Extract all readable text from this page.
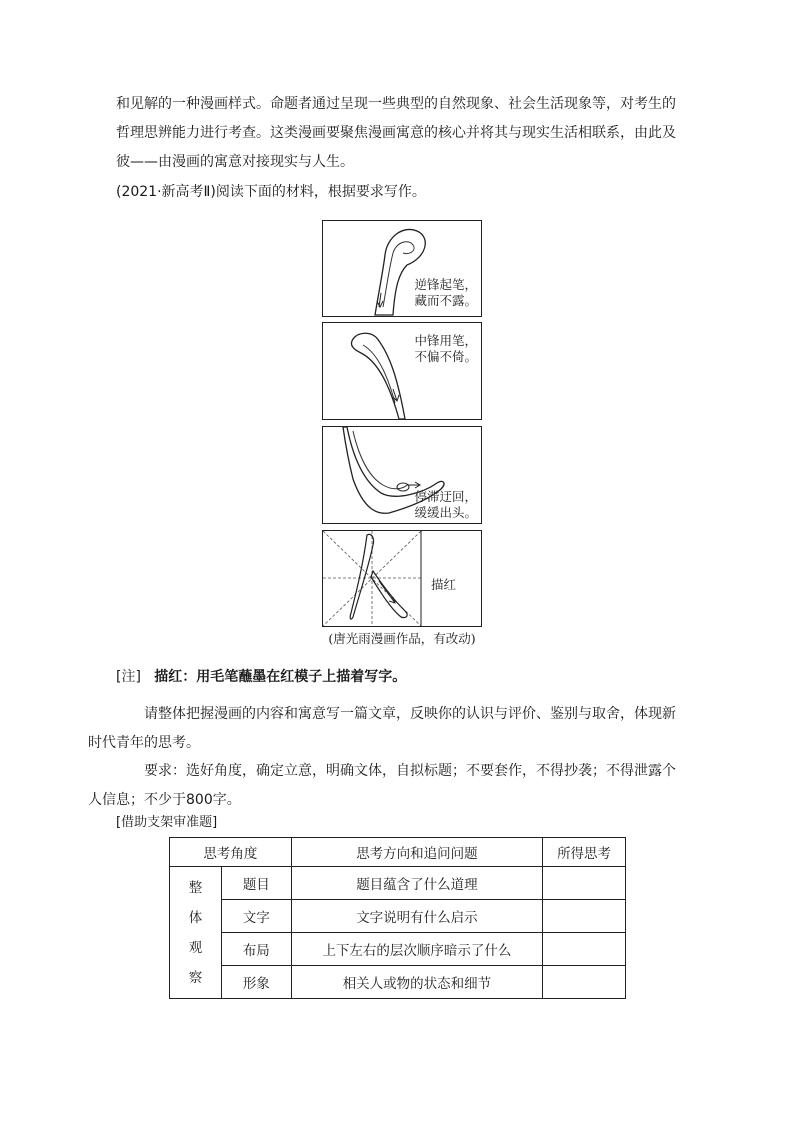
和见解的一种漫画样式。命题者通过呈现一些典型的自然现象、社会生活现象等，对考生的
哲理思辨能力进行考查。这类漫画要聚焦漫画寓意的核心并将其与现实生活相联系，由此及
彼——由漫画的寓意对接现实与人生。
(2021·新高考Ⅱ)阅读下面的材料，根据要求写作。
逆锋起笔，
藏而不露。
中锋用笔，
不偏不倚。
停滞迂回，
缓缓出头。
描红
(唐光雨漫画作品，有改动)
[注] 描红：用毛笔蘸墨在红模子上描着写字。
请整体把握漫画的内容和寓意写一篇文章，反映你的认识与评价、鉴别与取舍，体现新
时代青年的思考。
要求：选好角度，确定立意，明确文体，自拟标题；不要套作，不得抄袭；不得泄露个
人信息；不少于800字。
[借助支架审准题]
思考角度		思考方向和追问问题	所得思考

整
体
观
察	题目	题目蕴含了什么道理	
	文字	文字说明有什么启示	
	布局	上下左右的层次顺序暗示了什么	
	形象	相关人或物的状态和细节	
